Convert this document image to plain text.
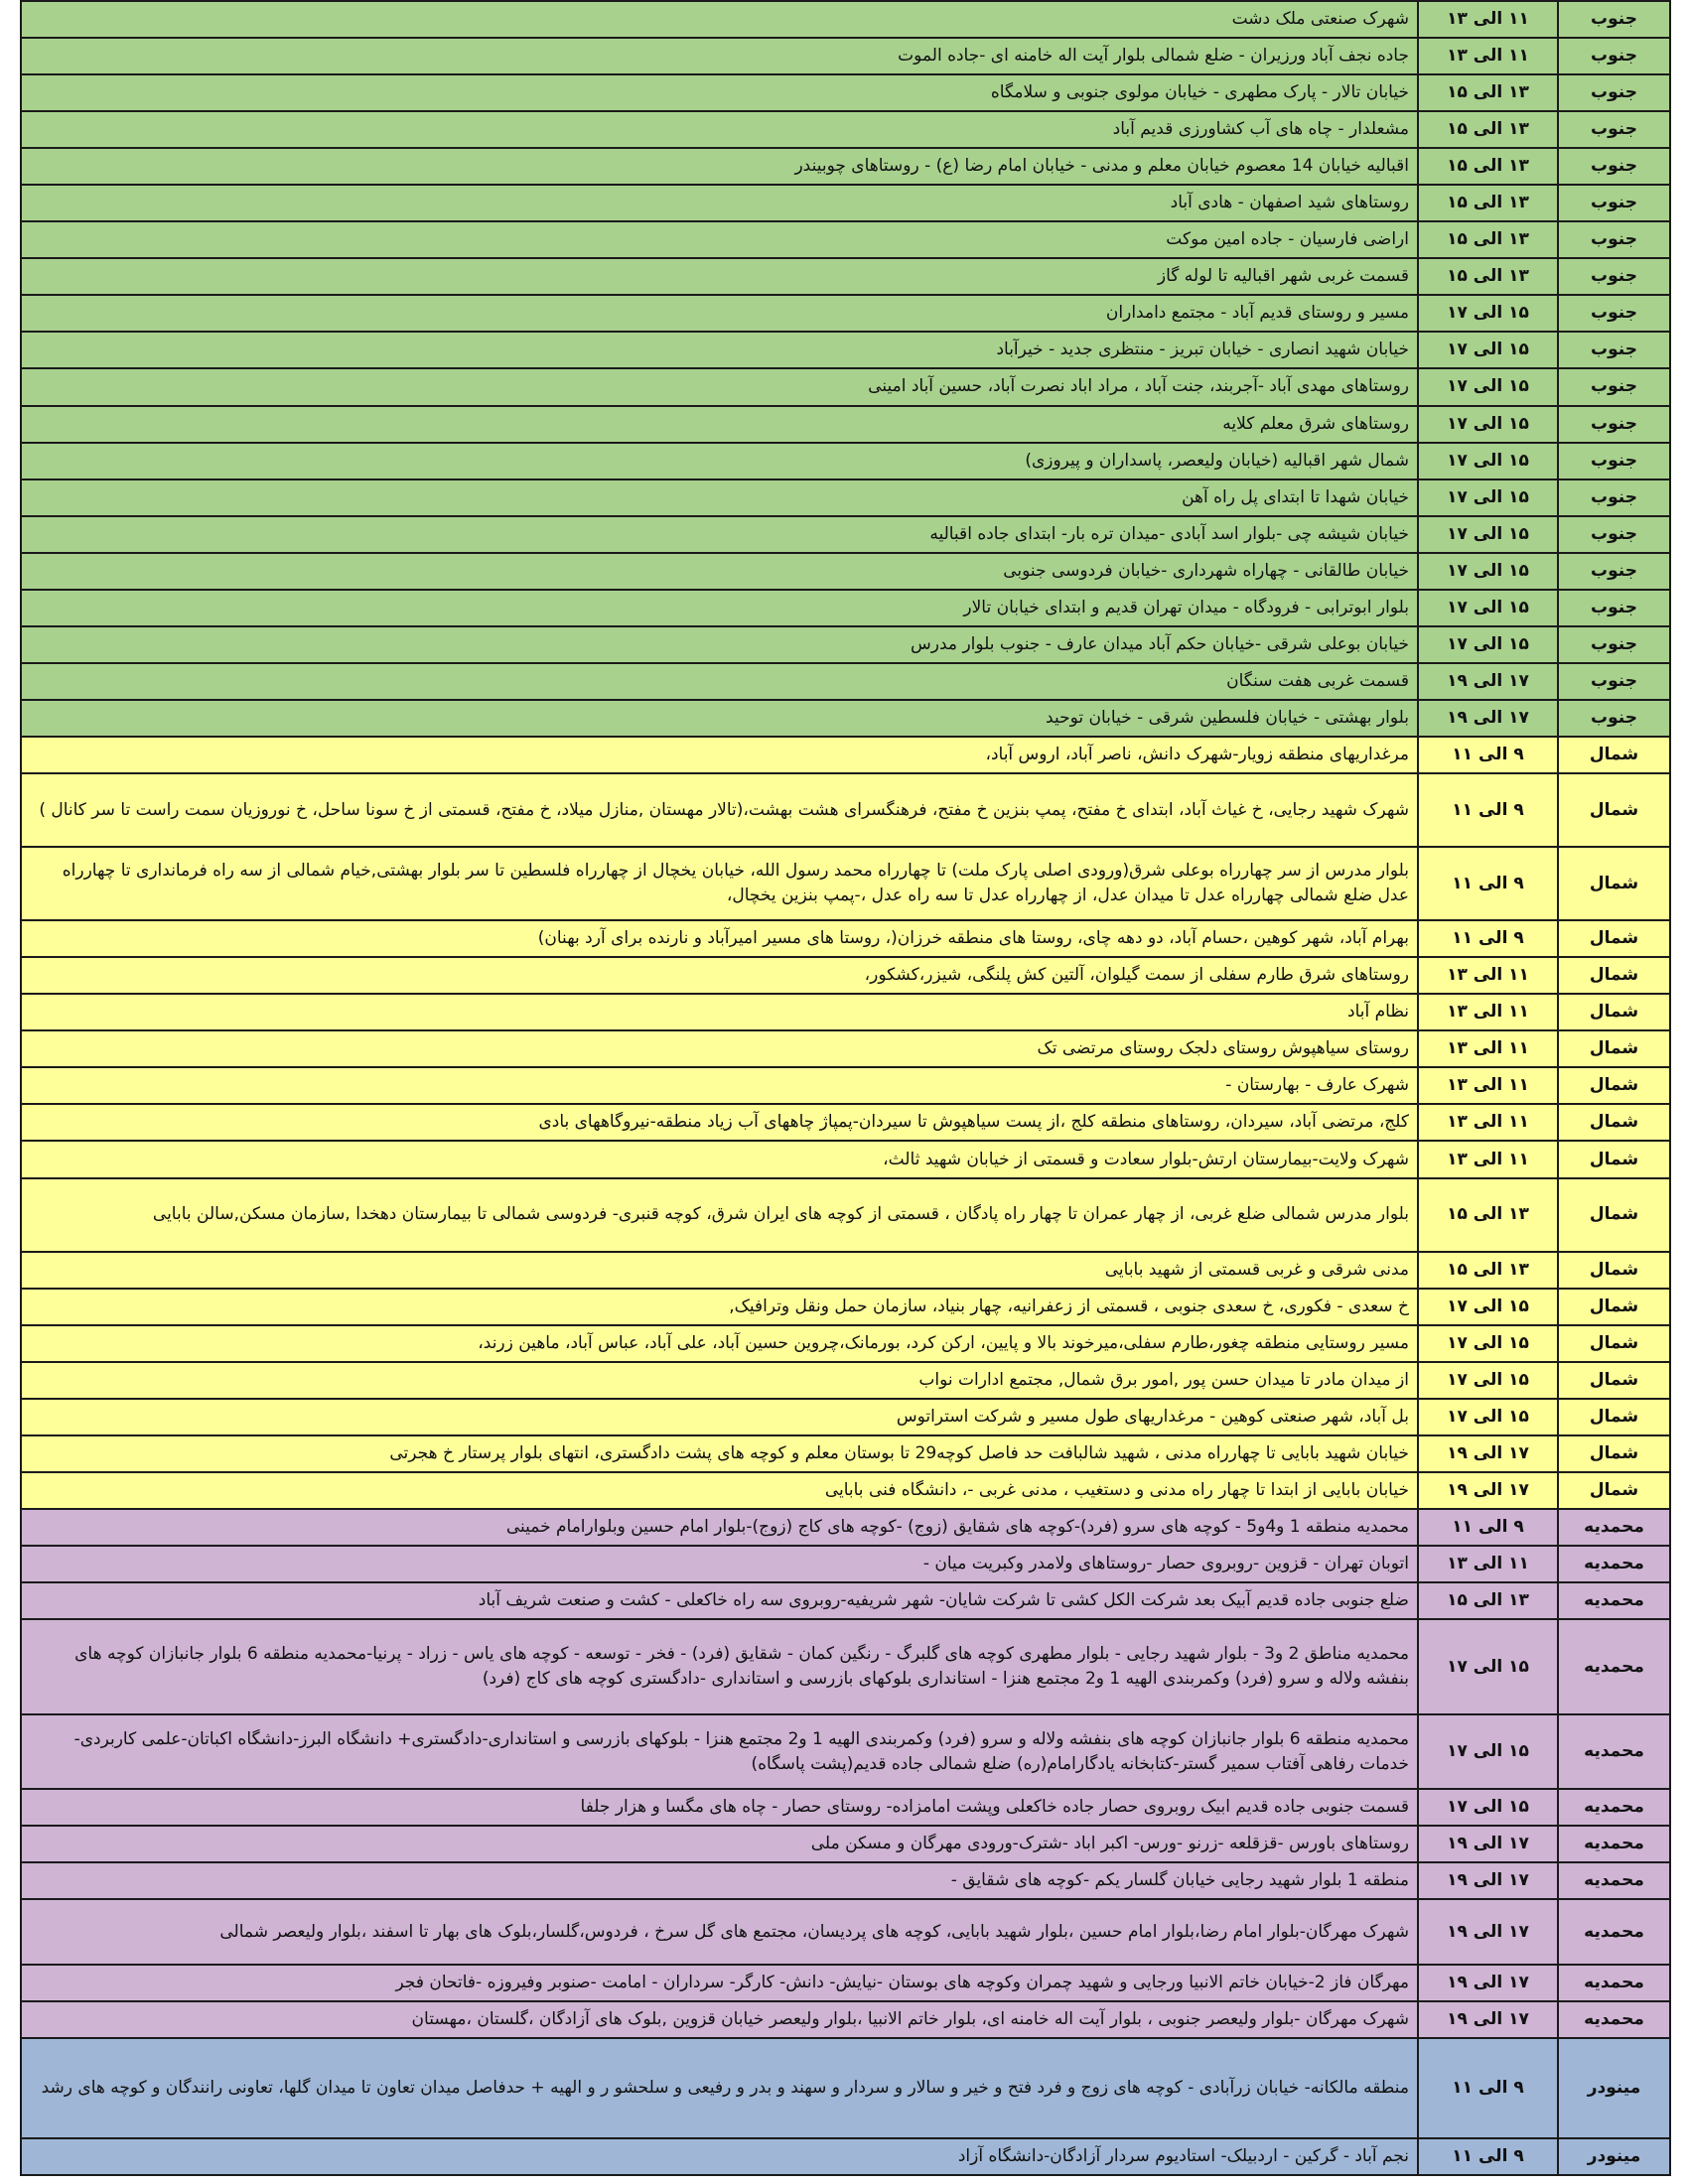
جنوب	۱۱ الی ۱۳	شهرک صنعتی ملک دشت
جنوب	۱۱ الی ۱۳	جاده نجف آباد ورزیران - ضلع شمالی بلوار آیت اله خامنه ای -جاده الموت
جنوب	۱۳ الی ۱۵	خیابان تالار - پارک مطهری - خیابان مولوی جنوبی و سلامگاه
جنوب	۱۳ الی ۱۵	مشعلدار - چاه های آب کشاورزی قدیم آباد
جنوب	۱۳ الی ۱۵	اقبالیه خیابان 14 معصوم خیابان معلم و مدنی - خیابان امام رضا (ع) - روستاهای چوبیندر
جنوب	۱۳ الی ۱۵	روستاهای شید اصفهان - هادی آباد
جنوب	۱۳ الی ۱۵	اراضی فارسیان - جاده امین موکت
جنوب	۱۳ الی ۱۵	قسمت غربی شهر اقبالیه تا لوله گاز
جنوب	۱۵ الی ۱۷	مسیر و روستای قدیم آباد - مجتمع دامداران
جنوب	۱۵ الی ۱۷	خیابان شهید انصاری - خیابان تبریز - منتظری جدید - خیرآباد
جنوب	۱۵ الی ۱۷	روستاهای مهدی آباد -آجربند، جنت آباد ، مراد اباد نصرت آباد، حسین آباد امینی
جنوب	۱۵ الی ۱۷	روستاهای شرق معلم کلایه
جنوب	۱۵ الی ۱۷	شمال شهر اقبالیه (خیابان ولیعصر، پاسداران و پیروزی)
جنوب	۱۵ الی ۱۷	خیابان شهدا تا ابتدای پل راه آهن
جنوب	۱۵ الی ۱۷	خیابان شیشه چی -بلوار اسد آبادی -میدان تره بار- ابتدای جاده اقبالیه
جنوب	۱۵ الی ۱۷	خیابان طالقانی - چهاراه شهرداری -خیابان فردوسی جنوبی
جنوب	۱۵ الی ۱۷	بلوار ابوترابی - فرودگاه - میدان تهران قدیم و ابتدای خیابان تالار
جنوب	۱۵ الی ۱۷	خیابان بوعلی شرقی -خیابان حکم آباد میدان عارف - جنوب بلوار مدرس
جنوب	۱۷ الی ۱۹	قسمت غربی هفت سنگان
جنوب	۱۷ الی ۱۹	بلوار بهشتی - خیابان فلسطین شرقی - خیابان توحید
شمال	۹ الی ۱۱	مرغداریهای منطقه زویار-شهرک دانش، ناصر آباد، اروس آباد،
شمال	۹ الی ۱۱	شهرک شهید رجایی، خ غیاث آباد، ابتدای خ مفتح، پمپ بنزین خ مفتح، فرهنگسرای هشت بهشت،(تالار مهستان ,منازل میلاد، خ مفتح، قسمتی از خ سونا ساحل، خ نوروزیان سمت راست تا سر کانال )
شمال	۹ الی ۱۱	بلوار مدرس از سر چهارراه بوعلی شرق(ورودی اصلی پارک ملت) تا چهارراه محمد رسول الله، خیابان یخچال از چهارراه فلسطین تا سر بلوار بهشتی,خیام شمالی از سه راه فرمانداری تا چهارراه عدل ضلع شمالی چهارراه عدل تا میدان عدل، از چهارراه عدل تا سه راه عدل ،-پمپ بنزین یخچال،
شمال	۹ الی ۱۱	بهرام آباد، شهر کوهین ،حسام آباد، دو دهه چای، روستا های منطقه خرزان(، روستا های مسیر امیرآباد و نارنده برای آرد بهنان)
شمال	۱۱ الی ۱۳	روستاهای شرق طارم سفلی از سمت گیلوان، آلتین کش پلنگی، شیزر،کشکور،
شمال	۱۱ الی ۱۳	نظام آباد
شمال	۱۱ الی ۱۳	روستای سیاهپوش روستای دلجک روستای مرتضی تک
شمال	۱۱ الی ۱۳	شهرک عارف - بهارستان -
شمال	۱۱ الی ۱۳	کلج، مرتضی آباد، سیردان، روستاهای منطقه کلج ،از پست سیاهپوش تا سیردان-پمپاژ چاههای آب زیاد منطقه-نیروگاههای بادی
شمال	۱۱ الی ۱۳	شهرک ولایت-بیمارستان ارتش-بلوار سعادت و قسمتی از خیابان شهید ثالث،
شمال	۱۳ الی ۱۵	بلوار مدرس شمالی ضلع غربی، از چهار عمران تا چهار راه پادگان ، قسمتی از کوچه های ایران شرق، کوچه قنبری- فردوسی شمالی تا بیمارستان دهخدا ,سازمان مسکن,سالن بابایی
شمال	۱۳ الی ۱۵	مدنی شرقی و غربی قسمتی از شهید بابایی
شمال	۱۵ الی ۱۷	خ سعدی - فکوری، خ سعدی جنوبی ، قسمتی از زعفرانیه، چهار بنیاد، سازمان حمل ونقل وترافیک,
شمال	۱۵ الی ۱۷	مسیر روستایی منطقه چغور،طارم سفلی،میرخوند بالا و پایین، ارکن کرد، بورمانک،چروین حسین آباد، علی آباد، عباس آباد، ماهین زرند،
شمال	۱۵ الی ۱۷	از میدان مادر تا میدان حسن پور ,امور برق شمال, مجتمع ادارات نواب
شمال	۱۵ الی ۱۷	بل آباد، شهر صنعتی کوهین - مرغداریهای طول مسیر و شرکت استراتوس
شمال	۱۷ الی ۱۹	خیابان شهید بابایی تا چهارراه مدنی ، شهید شالبافت حد فاصل کوچه29 تا بوستان معلم و کوچه های پشت دادگستری، انتهای بلوار پرستار خ هجرتی
شمال	۱۷ الی ۱۹	خیابان بابایی از ابتدا تا چهار راه مدنی و دستغیب ، مدنی غربی -، دانشگاه فنی بابایی
محمدیه	۹ الی ۱۱	محمدیه منطقه 1 و4و5 - کوچه های سرو (فرد)-کوچه های شقایق (زوج) -کوچه های کاج (زوج)-بلوار امام حسین وبلوارامام خمینی
محمدیه	۱۱ الی ۱۳	اتوبان تهران - قزوین -روبروی حصار -روستاهای ولامدر وکبریت میان -
محمدیه	۱۳ الی ۱۵	ضلع جنوبی جاده قدیم آبیک بعد شرکت الکل کشی تا شرکت شایان- شهر شریفیه-روبروی سه راه خاکعلی - کشت و صنعت شریف آباد
محمدیه	۱۵ الی ۱۷	محمدیه مناطق 2 و3 - بلوار شهید رجایی - بلوار مطهری کوچه های گلبرگ - رنگین کمان - شقایق (فرد) - فخر - توسعه - کوچه های یاس - زراد - پرنیا-محمدیه منطقه 6 بلوار جانبازان کوچه های بنفشه ولاله و سرو (فرد) وکمربندی الهیه 1 و2 مجتمع هنزا - استانداری بلوکهای بازرسی و استانداری -دادگستری کوچه های کاج (فرد)
محمدیه	۱۵ الی ۱۷	محمدیه منطقه 6 بلوار جانبازان کوچه های بنفشه ولاله و سرو (فرد) وکمربندی الهیه 1 و2 مجتمع هنزا - بلوکهای بازرسی و استانداری-دادگستری+ دانشگاه البرز-دانشگاه اکباتان-علمی کاربردی-خدمات رفاهی آفتاب سمیر گستر-کتابخانه یادگارامام(ره) ضلع شمالی جاده قدیم(پشت پاسگاه)
محمدیه	۱۵ الی ۱۷	قسمت جنوبی جاده قدیم ابیک روبروی حصار جاده خاکعلی وپشت امامزاده- روستای حصار - چاه های مگسا و هزار جلفا
محمدیه	۱۷ الی ۱۹	روستاهای باورس -قزقلعه -زرنو -ورس- اکبر اباد -شترک-ورودی مهرگان و مسکن ملی
محمدیه	۱۷ الی ۱۹	منطقه 1 بلوار شهید رجایی خیابان گلسار یکم -کوچه های شقایق -
محمدیه	۱۷ الی ۱۹	شهرک مهرگان-بلوار امام رضا،بلوار امام حسین ،بلوار شهید بابایی، کوچه های پردیسان، مجتمع های گل سرخ ، فردوس،گلسار،بلوک های بهار تا اسفند ،بلوار ولیعصر شمالی
محمدیه	۱۷ الی ۱۹	مهرگان فاز 2-خیابان خاتم الانبیا ورجایی و شهید چمران وکوچه های بوستان -نیایش- دانش- کارگر- سرداران - امامت -صنوبر وفیروزه -فاتحان فجر
محمدیه	۱۷ الی ۱۹	شهرک مهرگان -بلوار ولیعصر جنوبی ، بلوار آیت اله خامنه ای، بلوار خاتم الانبیا ،بلوار ولیعصر خیابان قزوین ,بلوک های آزادگان ،گلستان ،مهستان
مینودر	۹ الی ۱۱	منطقه مالکانه- خیابان زرآبادی - کوچه های زوج و فرد فتح و خیر و سالار و سردار و سهند و بدر و رفیعی و سلحشو ر و الهیه + حدفاصل میدان تعاون تا میدان گلها، تعاونی رانندگان و کوچه های رشد
مینودر	۹ الی ۱۱	نجم آباد - گرکین - اردبیلک- استادیوم سردار آزادگان-دانشگاه آزاد
